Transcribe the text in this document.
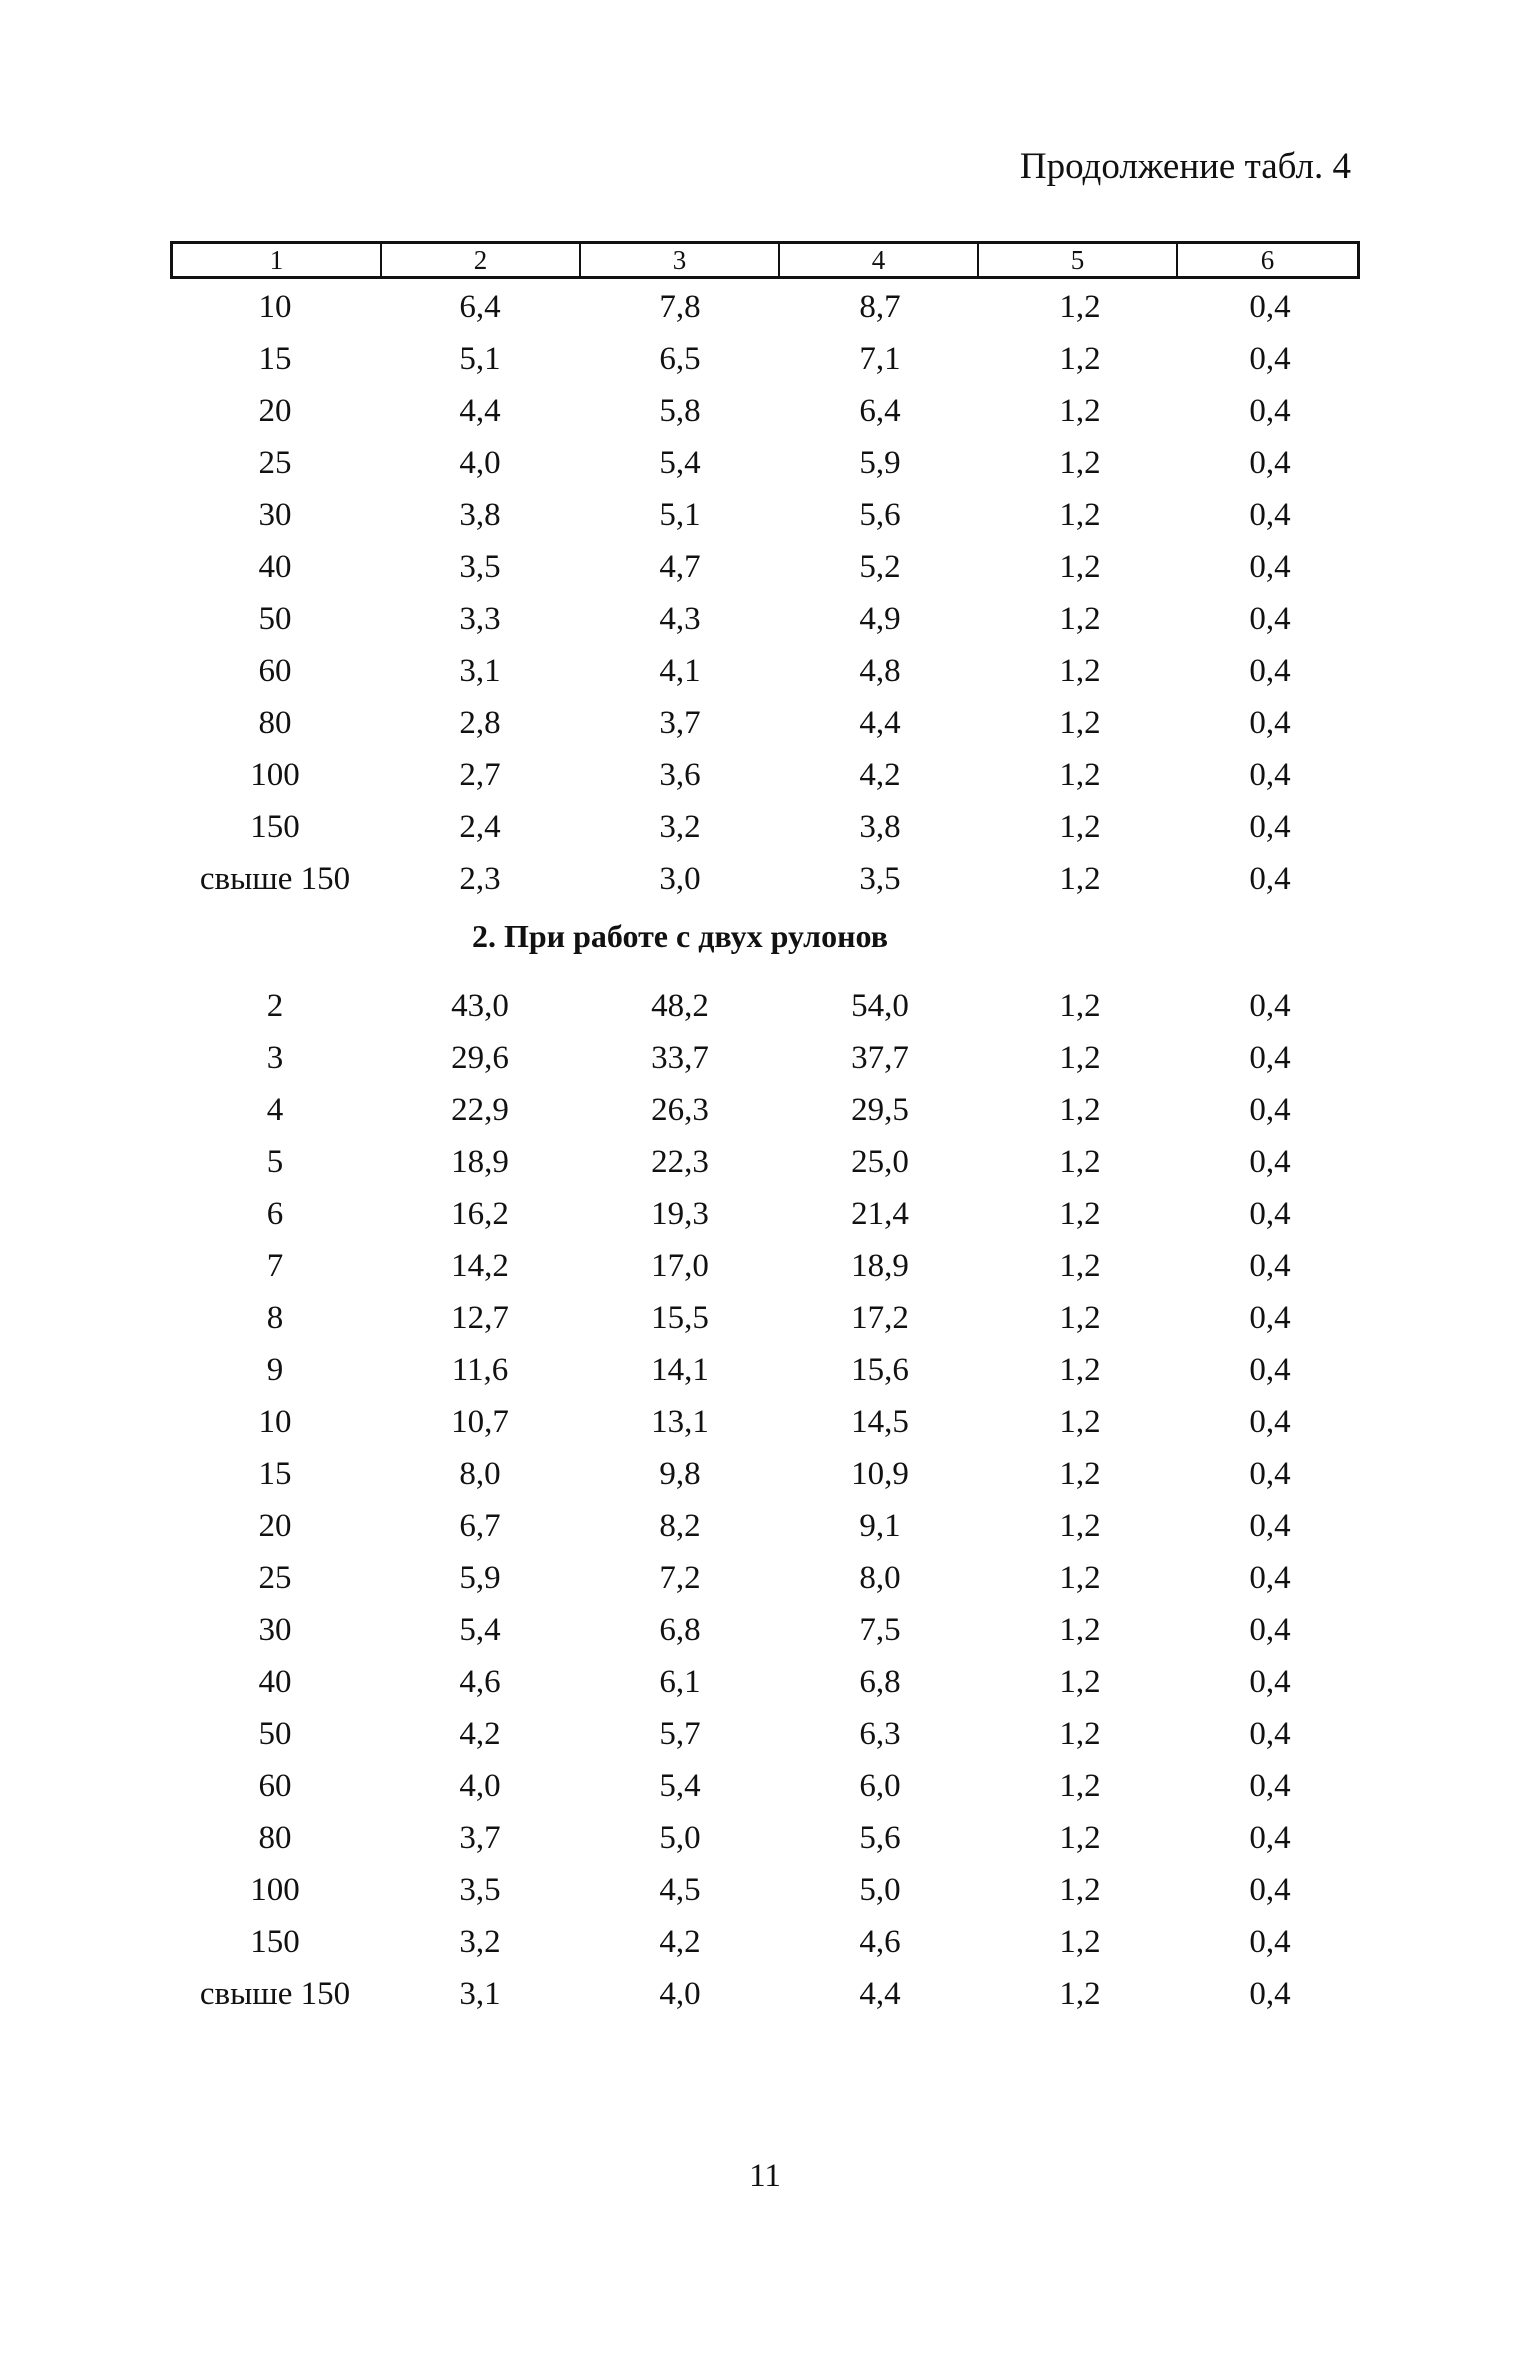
Продолжение табл. 4
1	2	3	4	5	6
10	6,4	7,8	8,7	1,2	0,4
15	5,1	6,5	7,1	1,2	0,4
20	4,4	5,8	6,4	1,2	0,4
25	4,0	5,4	5,9	1,2	0,4
30	3,8	5,1	5,6	1,2	0,4
40	3,5	4,7	5,2	1,2	0,4
50	3,3	4,3	4,9	1,2	0,4
60	3,1	4,1	4,8	1,2	0,4
80	2,8	3,7	4,4	1,2	0,4
100	2,7	3,6	4,2	1,2	0,4
150	2,4	3,2	3,8	1,2	0,4
свыше 150	2,3	3,0	3,5	1,2	0,4
2. При работе с двух рулонов
2	43,0	48,2	54,0	1,2	0,4
3	29,6	33,7	37,7	1,2	0,4
4	22,9	26,3	29,5	1,2	0,4
5	18,9	22,3	25,0	1,2	0,4
6	16,2	19,3	21,4	1,2	0,4
7	14,2	17,0	18,9	1,2	0,4
8	12,7	15,5	17,2	1,2	0,4
9	11,6	14,1	15,6	1,2	0,4
10	10,7	13,1	14,5	1,2	0,4
15	8,0	9,8	10,9	1,2	0,4
20	6,7	8,2	9,1	1,2	0,4
25	5,9	7,2	8,0	1,2	0,4
30	5,4	6,8	7,5	1,2	0,4
40	4,6	6,1	6,8	1,2	0,4
50	4,2	5,7	6,3	1,2	0,4
60	4,0	5,4	6,0	1,2	0,4
80	3,7	5,0	5,6	1,2	0,4
100	3,5	4,5	5,0	1,2	0,4
150	3,2	4,2	4,6	1,2	0,4
свыше 150	3,1	4,0	4,4	1,2	0,4
11
